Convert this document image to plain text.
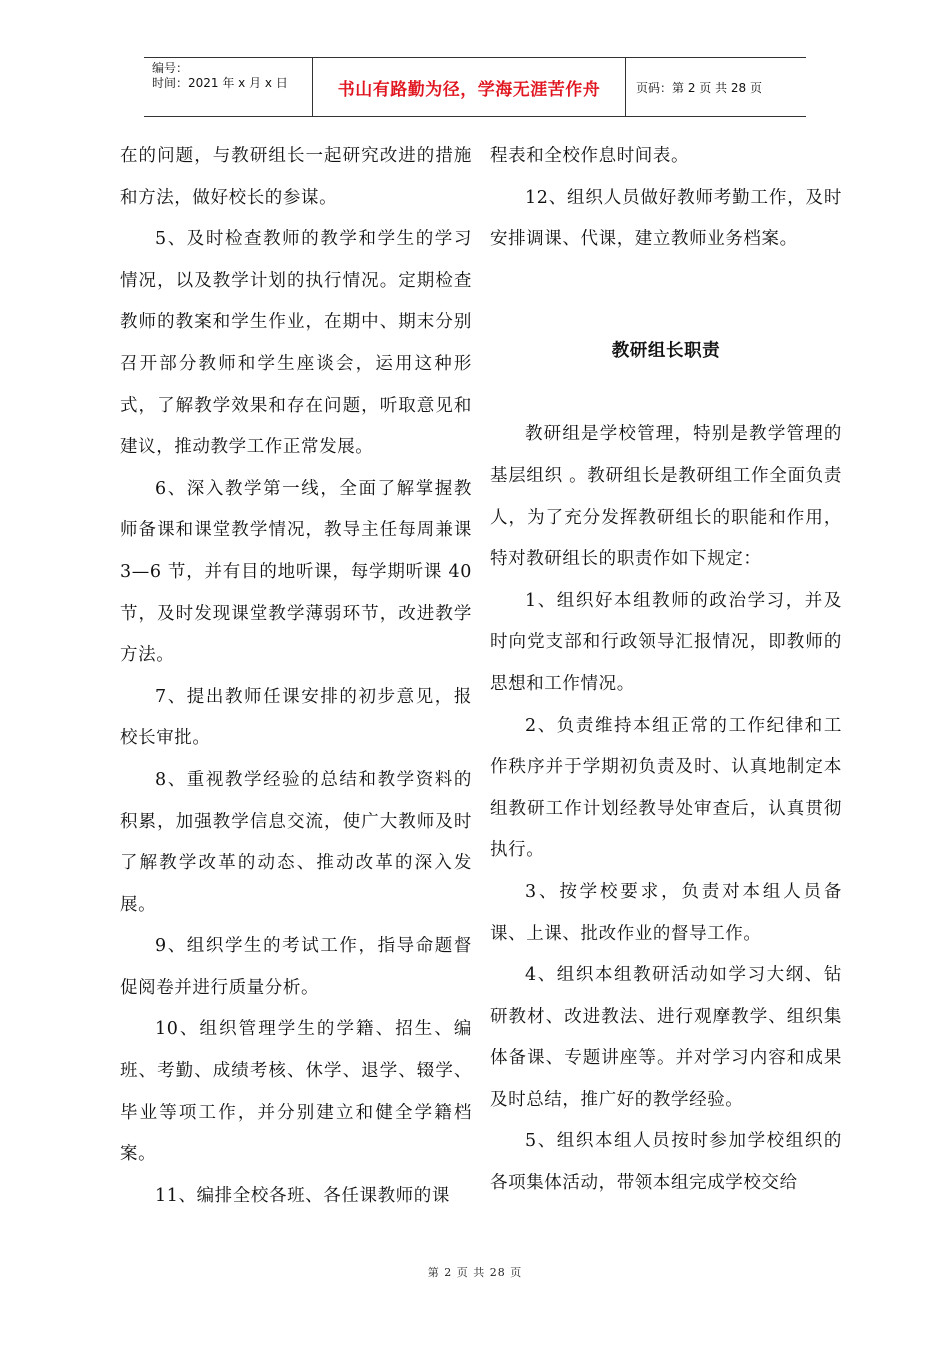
编号：
时间：2021 年 x 月 x 日	书山有路勤为径，学海无涯苦作舟	页码：第 2 页 共 28 页

在的问题，与教研组长一起研究改进的措施和方法，做好校长的参谋。

5、及时检查教师的教学和学生的学习情况，以及教学计划的执行情况。定期检查教师的教案和学生作业，在期中、期末分别召开部分教师和学生座谈会，运用这种形式，了解教学效果和存在问题，听取意见和建议，推动教学工作正常发展。

6、深入教学第一线，全面了解掌握教师备课和课堂教学情况，教导主任每周兼课 3—6 节，并有目的地听课，每学期听课 40 节，及时发现课堂教学薄弱环节，改进教学方法。

7、提出教师任课安排的初步意见，报校长审批。

8、重视教学经验的总结和教学资料的积累，加强教学信息交流，使广大教师及时了解教学改革的动态、推动改革的深入发展。

9、组织学生的考试工作，指导命题督促阅卷并进行质量分析。

10、组织管理学生的学籍、招生、编班、考勤、成绩考核、休学、退学、辍学、毕业等项工作，并分别建立和健全学籍档案。

11、编排全校各班、各任课教师的课

程表和全校作息时间表。

12、组织人员做好教师考勤工作，及时安排调课、代课，建立教师业务档案。

教研组长职责

教研组是学校管理，特别是教学管理的基层组织 。教研组长是教研组工作全面负责人，为了充分发挥教研组长的职能和作用，特对教研组长的职责作如下规定：

1、组织好本组教师的政治学习，并及时向党支部和行政领导汇报情况，即教师的思想和工作情况。

2、负责维持本组正常的工作纪律和工作秩序并于学期初负责及时、认真地制定本组教研工作计划经教导处审查后，认真贯彻执行。

3、按学校要求，负责对本组人员备课、上课、批改作业的督导工作。

4、组织本组教研活动如学习大纲、钻研教材、改进教法、进行观摩教学、组织集体备课、专题讲座等。并对学习内容和成果及时总结，推广好的教学经验。

5、组织本组人员按时参加学校组织的各项集体活动，带领本组完成学校交给

第 2 页 共 28 页
